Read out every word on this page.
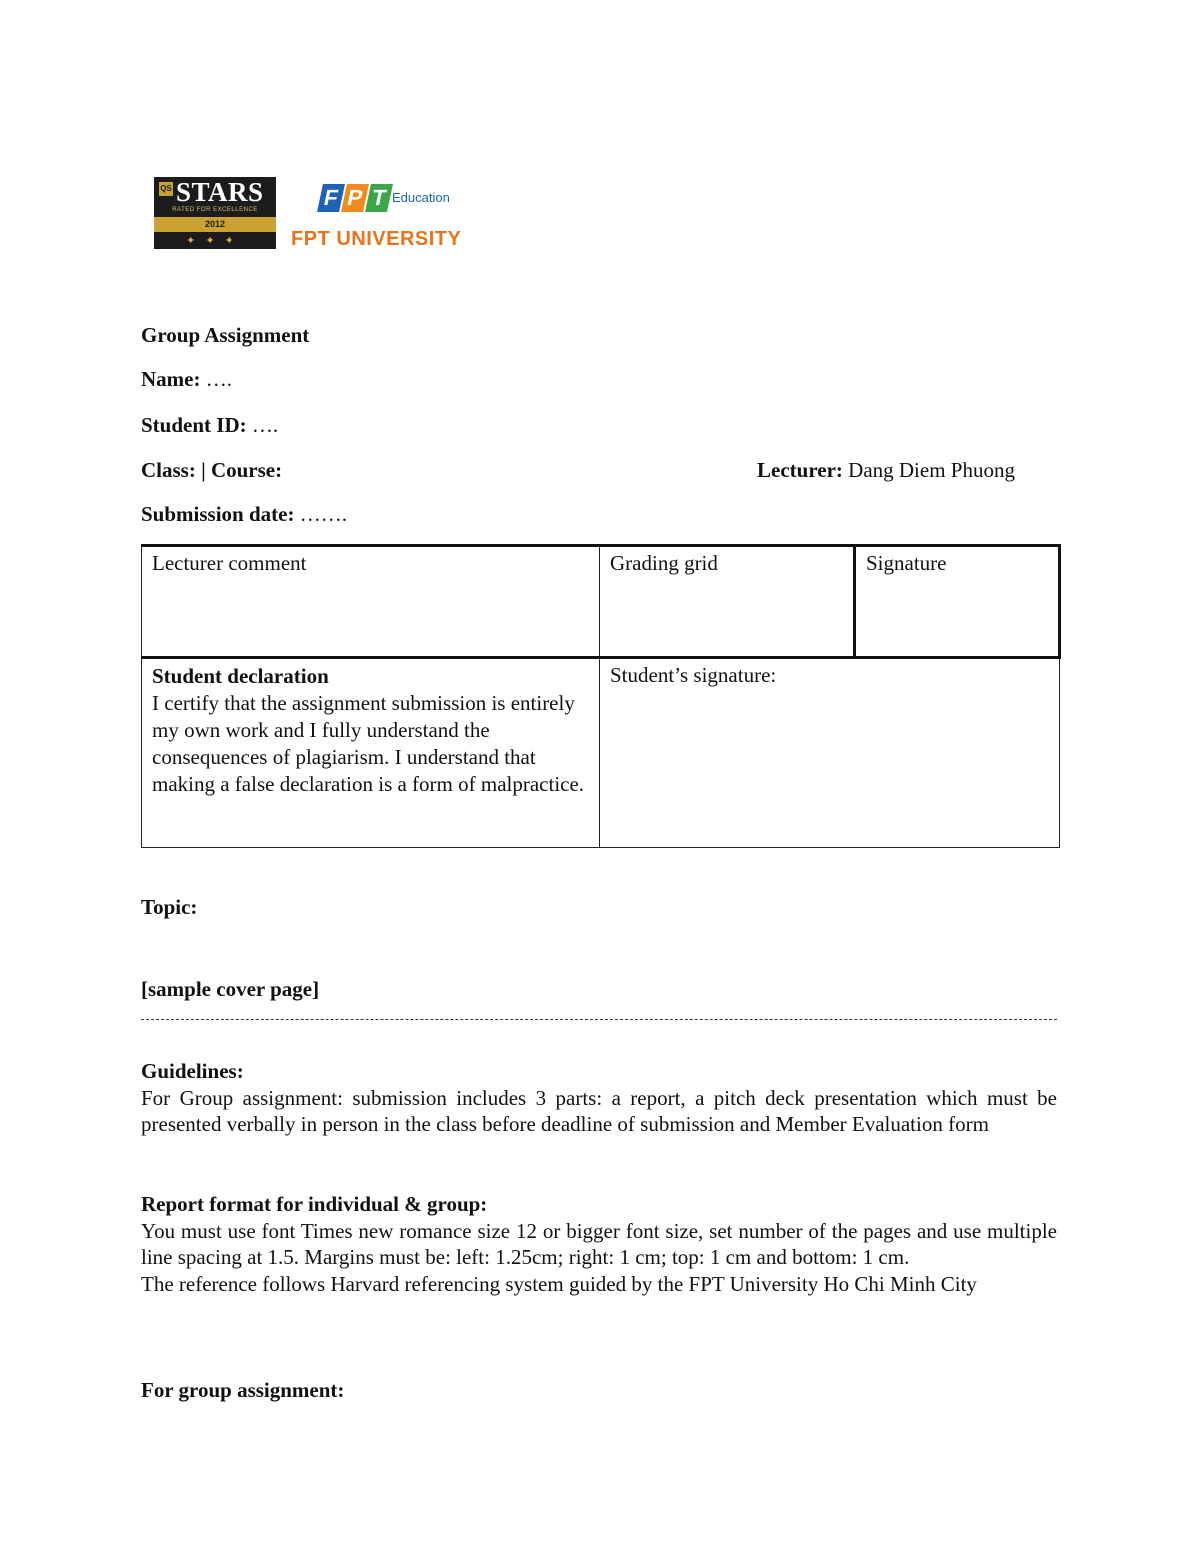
QS STARS
RATED FOR EXCELLENCE
2012
✦✦✦
F P T Education
FPT UNIVERSITY
Group Assignment
Name: ….
Student ID: ….
Class: | Course:	Lecturer: Dang Diem Phuong
Submission date: …….
Lecturer comment	Grading grid	Signature

Student declaration
I certify that the assignment submission is entirely my own work and I fully understand the consequences of plagiarism. I understand that making a false declaration is a form of malpractice.	Student’s signature:	
Topic:
[sample cover page]
Guidelines:
For Group assignment: submission includes 3 parts: a report, a pitch deck presentation which must be presented verbally in person in the class before deadline of submission and Member Evaluation form
Report format for individual & group:
You must use font Times new romance size 12 or bigger font size, set number of the pages and use multiple line spacing at 1.5. Margins must be: left: 1.25cm; right: 1 cm; top: 1 cm and bottom: 1 cm.
The reference follows Harvard referencing system guided by the FPT University Ho Chi Minh City
For group assignment:
